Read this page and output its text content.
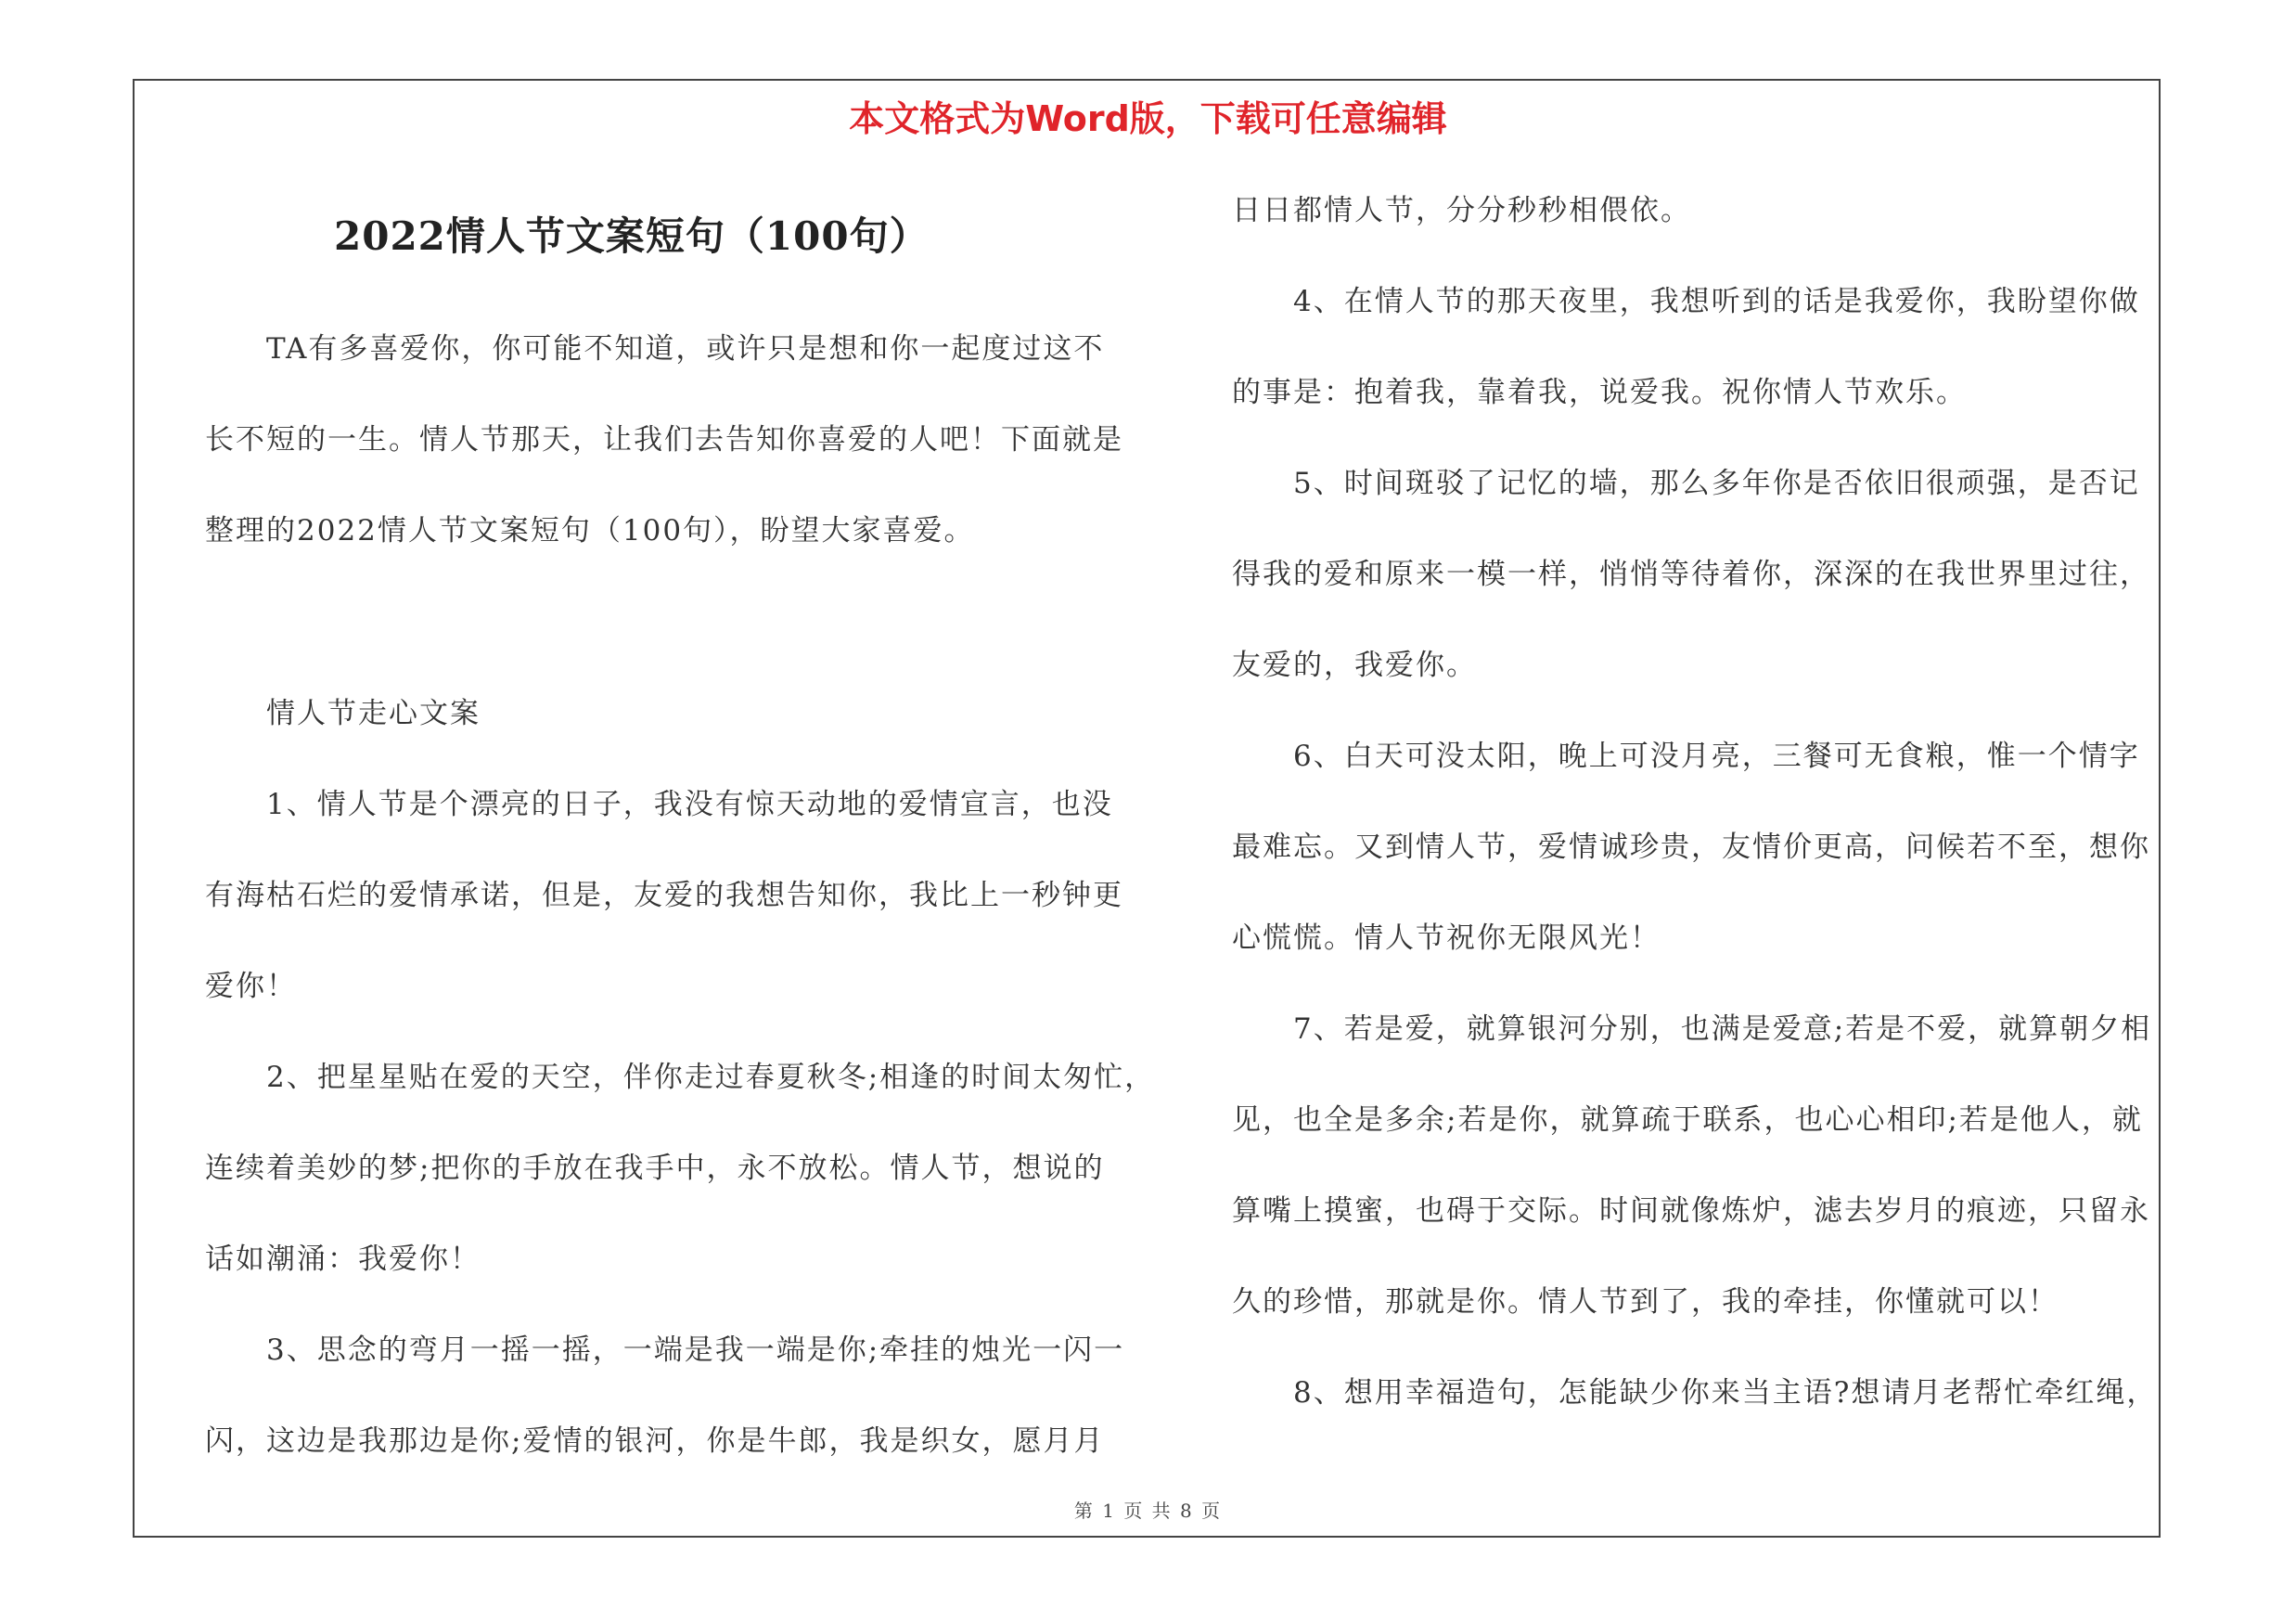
本文格式为Word版，下载可任意编辑
2022情人节文案短句（100句）
TA有多喜爱你，你可能不知道，或许只是想和你一起度过这不
长不短的一生。情人节那天，让我们去告知你喜爱的人吧！下面就是
整理的2022情人节文案短句（100句），盼望大家喜爱。
情人节走心文案
1、情人节是个漂亮的日子，我没有惊天动地的爱情宣言，也没
有海枯石烂的爱情承诺，但是，友爱的我想告知你，我比上一秒钟更
爱你！
2、把星星贴在爱的天空，伴你走过春夏秋冬;相逢的时间太匆忙，
连续着美妙的梦;把你的手放在我手中，永不放松。情人节，想说的
话如潮涌：我爱你！
3、思念的弯月一摇一摇，一端是我一端是你;牵挂的烛光一闪一
闪，这边是我那边是你;爱情的银河，你是牛郎，我是织女，愿月月
日日都情人节，分分秒秒相偎依。
4、在情人节的那天夜里，我想听到的话是我爱你，我盼望你做
的事是：抱着我，靠着我，说爱我。祝你情人节欢乐。
5、时间斑驳了记忆的墙，那么多年你是否依旧很顽强，是否记
得我的爱和原来一模一样，悄悄等待着你，深深的在我世界里过往，
友爱的，我爱你。
6、白天可没太阳，晚上可没月亮，三餐可无食粮，惟一个情字
最难忘。又到情人节，爱情诚珍贵，友情价更高，问候若不至，想你
心慌慌。情人节祝你无限风光！
7、若是爱，就算银河分别，也满是爱意;若是不爱，就算朝夕相
见，也全是多余;若是你，就算疏于联系，也心心相印;若是他人，就
算嘴上摸蜜，也碍于交际。时间就像炼炉，滤去岁月的痕迹，只留永
久的珍惜，那就是你。情人节到了，我的牵挂，你懂就可以！
8、想用幸福造句，怎能缺少你来当主语?想请月老帮忙牵红绳，
第 1 页 共 8 页
